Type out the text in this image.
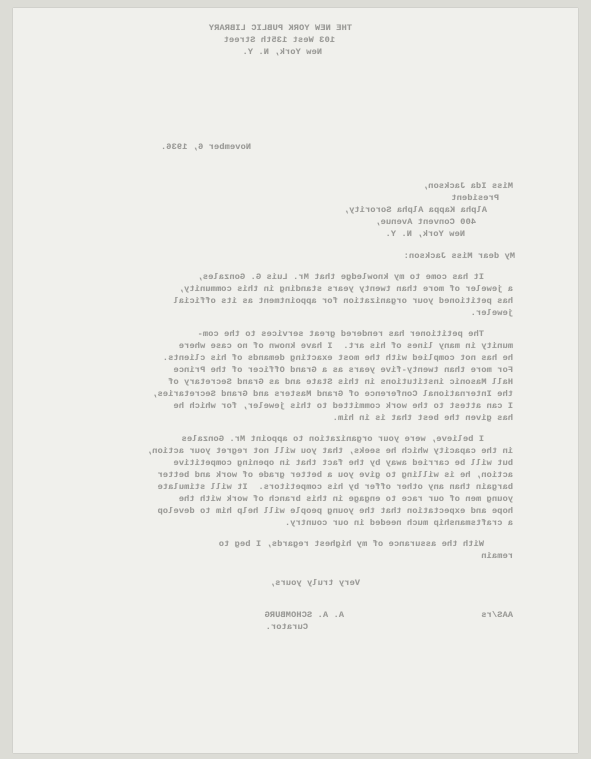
THE NEW YORK PUBLIC LIBRARY

103 West 135th Street

New York, N. Y.

November 6, 1936.

Miss Ida Jackson,

President

Alpha Kappa Alpha Sorority,

400 Convent Avenue,

New York, N. Y.

My dear Miss Jackson:

It has come to my knowledge that Mr. Luis G. Gonzales,

a jeweler of more than twenty years standing in this community,

has petitioned your organization for appointment as its official

jeweler.

The petitioner has rendered great services to the com-

munity in many lines of his art.  I have known of no case where

he has not complied with the most exacting demands of his clients.

For more than twenty-five years as a Grand Officer of the Prince

Hall Masonic institutions in this State and as Grand Secretary of

the International Conference of Grand Masters and Grand Secretaries,

I can attest to the work committed to this jeweler, for which he

has given the best that is in him.

I believe, were your organization to appoint Mr. Gonzales

in the capacity which he seeks, that you will not regret your action,

but will be carried away by the fact that in opening competitive

action, he is willing to give you a better grade of work and better

bargain than any other offer by his competitors.  It will stimulate

young men of our race to engage in this branch of work with the

hope and expectation that the young people will help him to develop

a craftsmanship much needed in our country.

With the assurance of my highest regards, I beg to

remain

Very truly yours,

AAS/rs

A. A. SCHOMBURG

Curator.
